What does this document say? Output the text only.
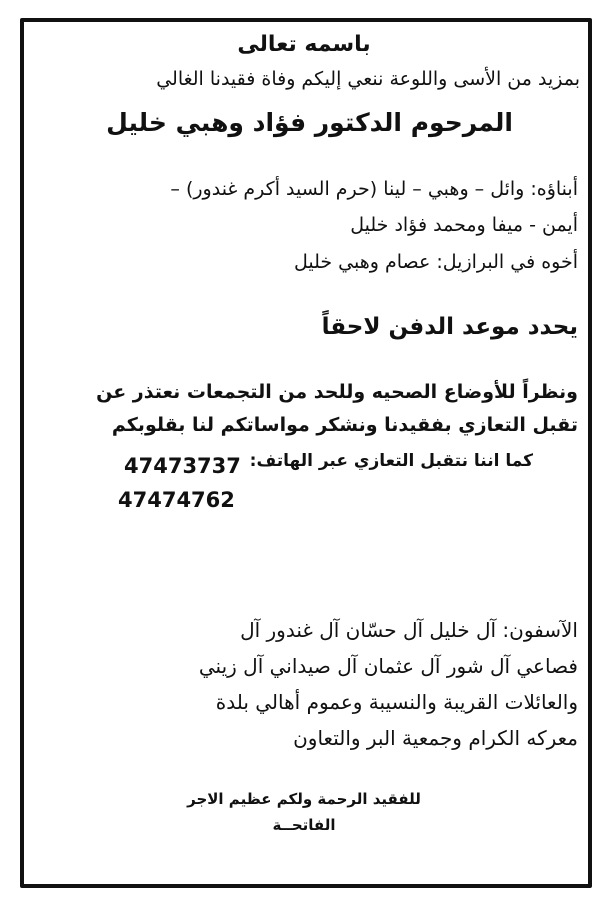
باسمه تعالى
بمزيد من الأسى واللوعة ننعي إليكم وفاة فقيدنا الغالي
المرحوم الدكتور فؤاد وهبي خليل
أبناؤه: وائل – وهبي – لينا (حرم السيد أكرم غندور) –
أيمن - ميفا ومحمد فؤاد خليل
أخوه في البرازيل: عصام وهبي خليل
يحدد موعد الدفن لاحقاً
ونظراً للأوضاع الصحيه وللحد من التجمعات نعتذر عن
تقبل التعازي بفقيدنا ونشكر مواساتكم لنا بقلوبكم
كما اننا نتقبل التعازي عبر الهاتف:
47473737
47474762
الآسفون: آل خليل آل حسّان آل غندور آل
فصاعي آل شور آل عثمان آل صيداني آل زيني
والعائلات القريبة والنسيبة وعموم أهالي بلدة
معركه الكرام وجمعية البر والتعاون
للفقيد الرحمة ولكم عظيم الاجر
الفاتحــة
